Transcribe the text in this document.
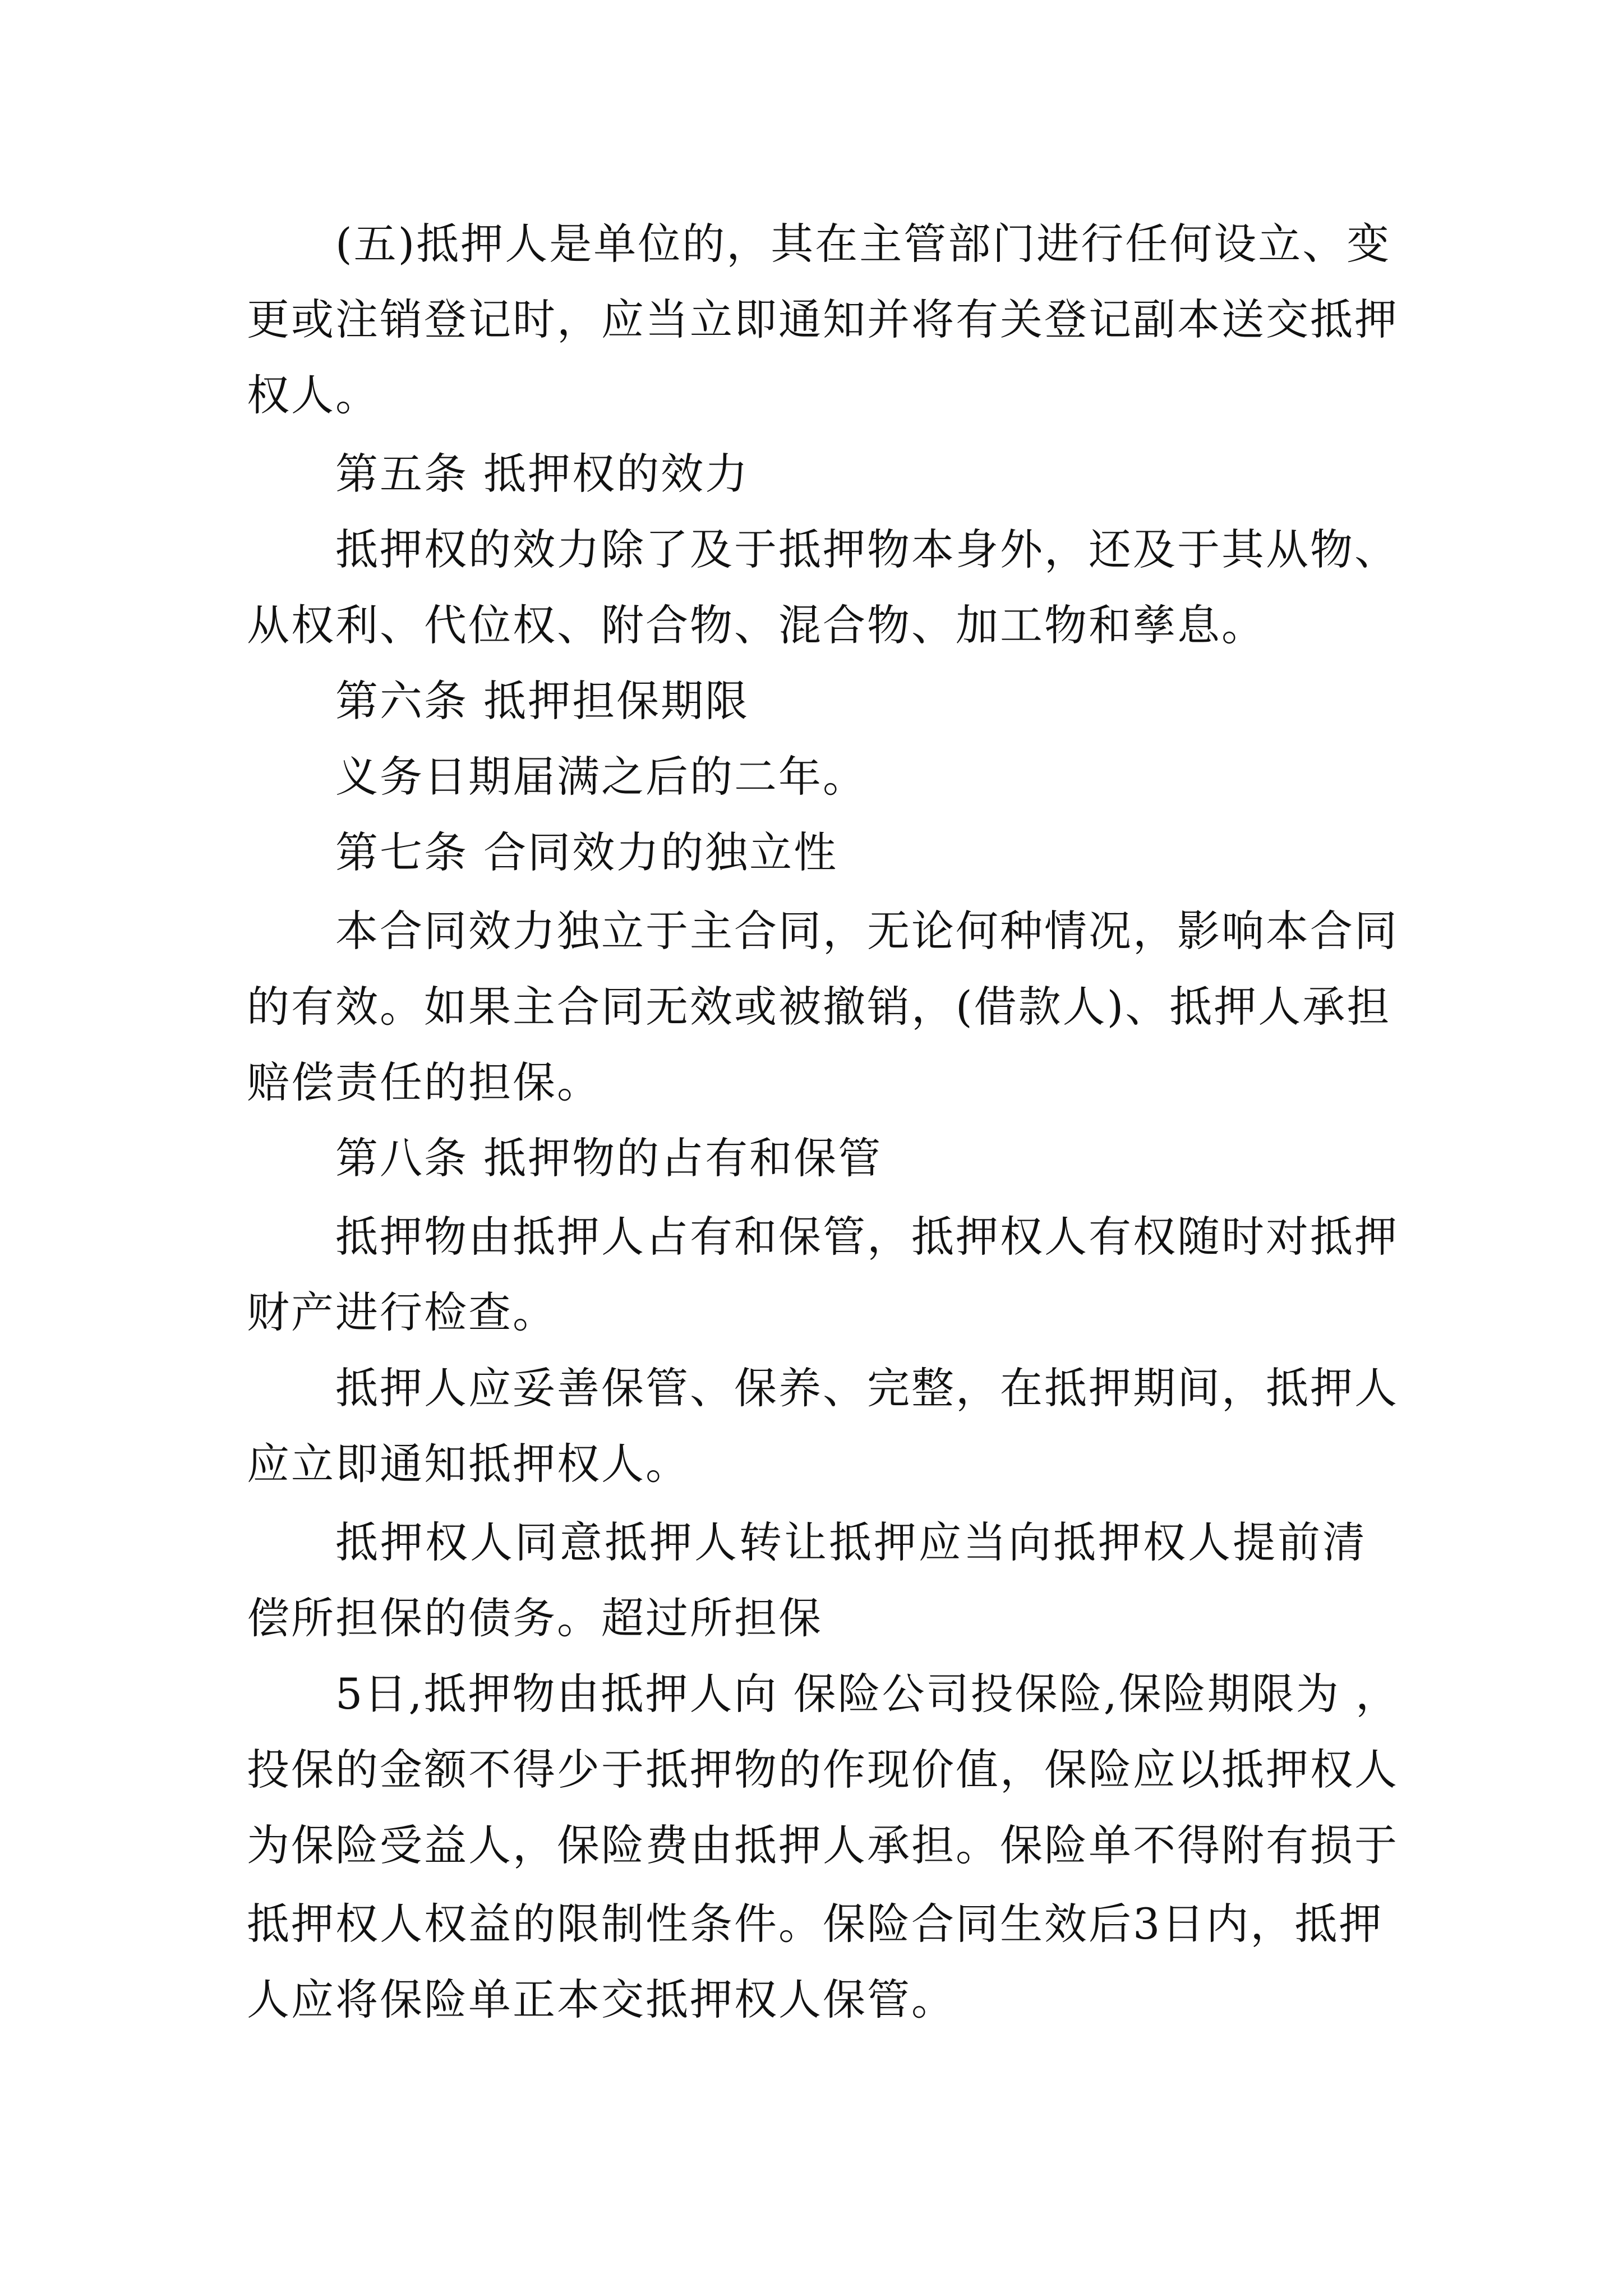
(五)抵押人是单位的，其在主管部门进行任何设立、变

更或注销登记时，应当立即通知并将有关登记副本送交抵押

权人。

第五条 抵押权的效力

抵押权的效力除了及于抵押物本身外，还及于其从物、

从权利、代位权、附合物、混合物、加工物和孳息。

第六条 抵押担保期限

义务日期届满之后的二年。

第七条 合同效力的独立性

本合同效力独立于主合同，无论何种情况，影响本合同

的有效。如果主合同无效或被撤销，(借款人)、抵押人承担

赔偿责任的担保。

第八条 抵押物的占有和保管

抵押物由抵押人占有和保管，抵押权人有权随时对抵押

财产进行检查。

抵押人应妥善保管、保养、完整，在抵押期间，抵押人

应立即通知抵押权人。

抵押权人同意抵押人转让抵押应当向抵押权人提前清

偿所担保的债务。超过所担保

5日,抵押物由抵押人向 保险公司投保险,保险期限为 ，

投保的金额不得少于抵押物的作现价值，保险应以抵押权人

为保险受益人，保险费由抵押人承担。保险单不得附有损于

抵押权人权益的限制性条件。保险合同生效后3日内，抵押

人应将保险单正本交抵押权人保管。
